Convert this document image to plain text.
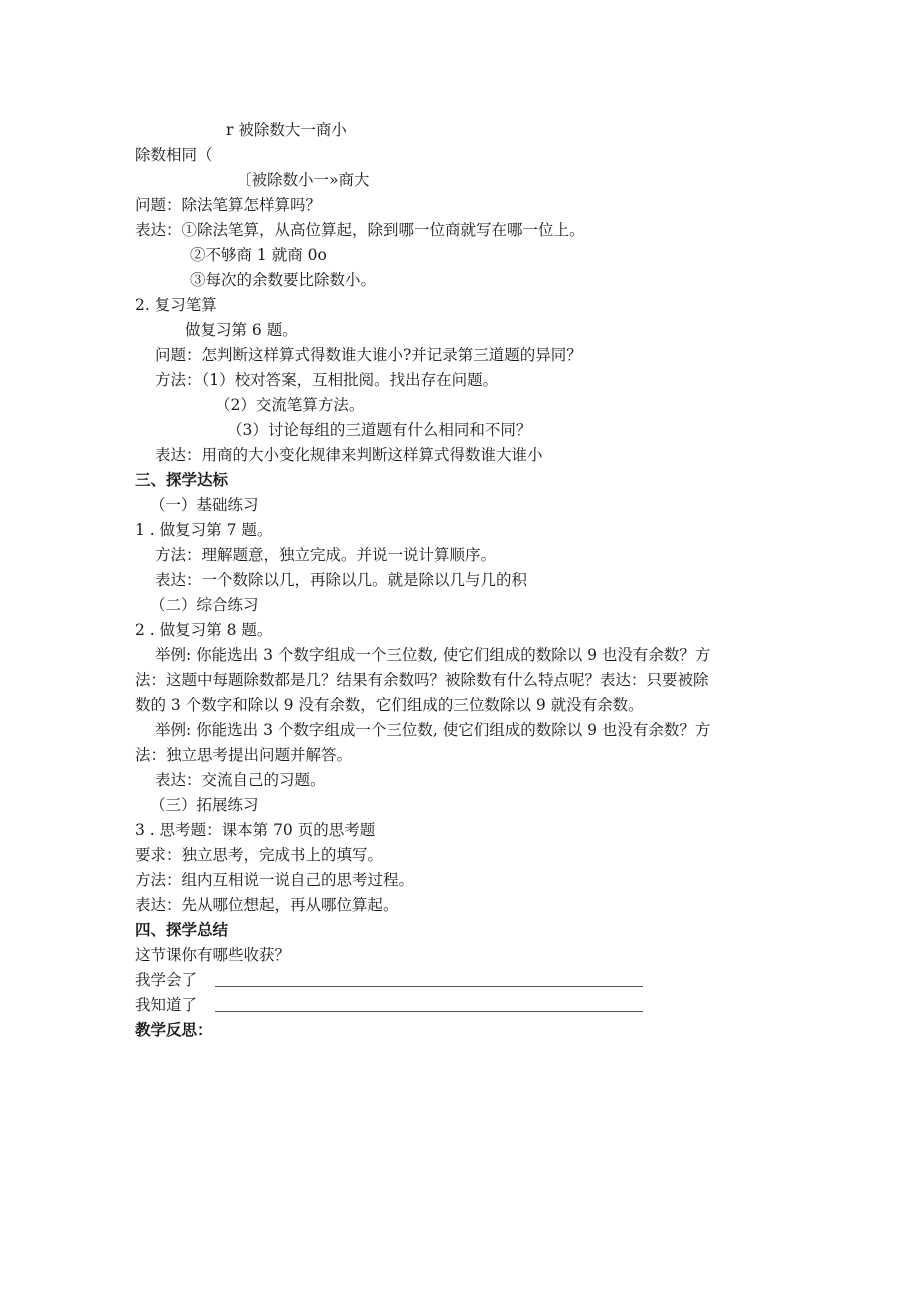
r 被除数大一商小
除数相同（
〔被除数小一»商大
问题：除法笔算怎样算吗？
表达：①除法笔算，从高位算起，除到哪一位商就写在哪一位上。
②不够商 1 就商 0o
③每次的余数要比除数小。
2. 复习笔算
做复习第 6 题。
问题：怎判断这样算式得数谁大谁小?并记录第三道题的异同？
方法：（1）校对答案，互相批阅。找出存在问题。
（2）交流笔算方法。
（3）讨论每组的三道题有什么相同和不同？
表达：用商的大小变化规律来判断这样算式得数谁大谁小
三、探学达标
（一）基础练习
1 . 做复习第 7 题。
方法：理解题意，独立完成。并说一说计算顺序。
表达：一个数除以几，再除以几。就是除以几与几的积
（二）综合练习
2 . 做复习第 8 题。
举例: 你能选出 3 个数字组成一个三位数, 使它们组成的数除以 9 也没有余数？方
法：这题中每题除数都是几？结果有余数吗？被除数有什么特点呢？表达：只要被除
数的 3 个数字和除以 9 没有余数，它们组成的三位数除以 9 就没有余数。
举例: 你能选出 3 个数字组成一个三位数, 使它们组成的数除以 9 也没有余数？方
法：独立思考提出问题并解答。
表达：交流自己的习题。
（三）拓展练习
3 . 思考题：课本第 70 页的思考题
要求：独立思考，完成书上的填写。
方法：组内互相说一说自己的思考过程。
表达：先从哪位想起，再从哪位算起。
四、探学总结
这节课你有哪些收获？
我学会了
我知道了
教学反思：
